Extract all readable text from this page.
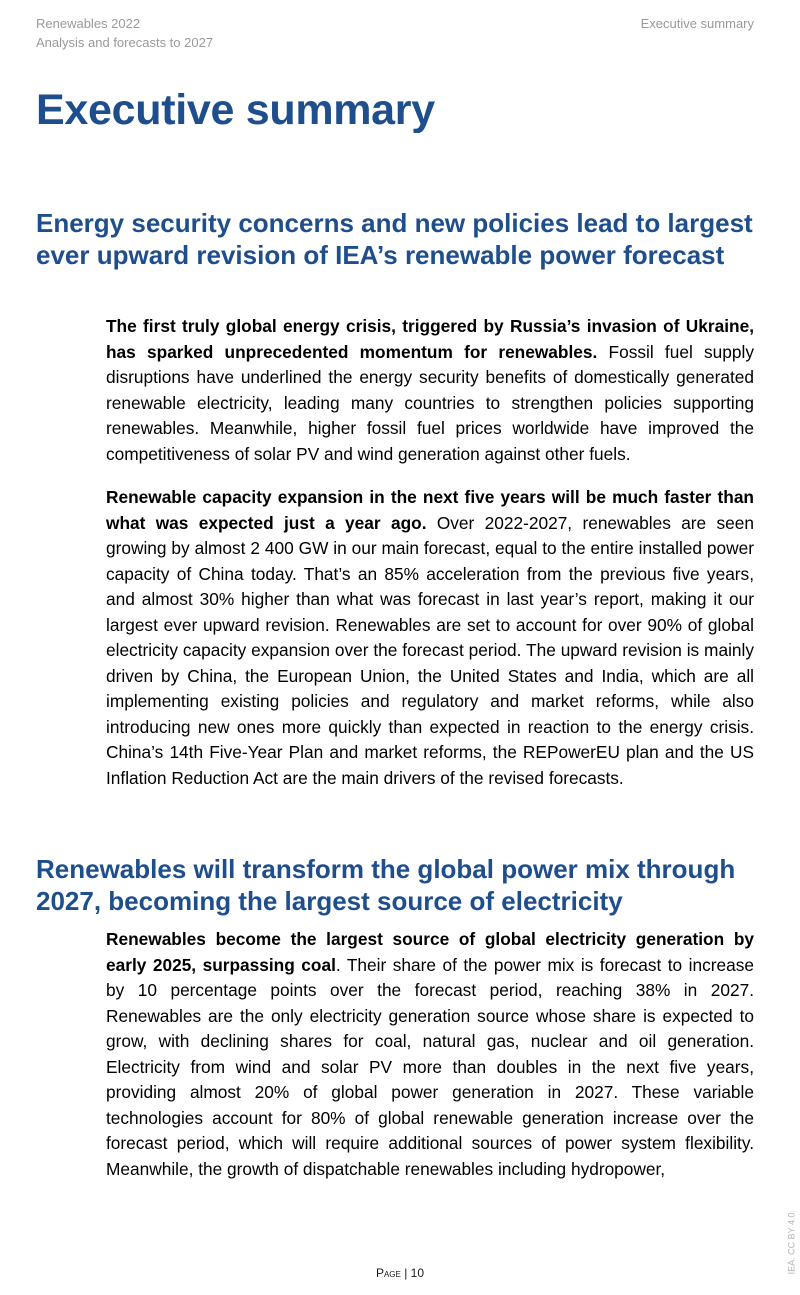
Renewables 2022
Analysis and forecasts to 2027
Executive summary
Executive summary
Energy security concerns and new policies lead to largest ever upward revision of IEA’s renewable power forecast

The first truly global energy crisis, triggered by Russia’s invasion of Ukraine, has sparked unprecedented momentum for renewables. Fossil fuel supply disruptions have underlined the energy security benefits of domestically generated renewable electricity, leading many countries to strengthen policies supporting renewables. Meanwhile, higher fossil fuel prices worldwide have improved the competitiveness of solar PV and wind generation against other fuels.

Renewable capacity expansion in the next five years will be much faster than what was expected just a year ago. Over 2022-2027, renewables are seen growing by almost 2 400 GW in our main forecast, equal to the entire installed power capacity of China today. That’s an 85% acceleration from the previous five years, and almost 30% higher than what was forecast in last year’s report, making it our largest ever upward revision. Renewables are set to account for over 90% of global electricity capacity expansion over the forecast period. The upward revision is mainly driven by China, the European Union, the United States and India, which are all implementing existing policies and regulatory and market reforms, while also introducing new ones more quickly than expected in reaction to the energy crisis. China’s 14th Five-Year Plan and market reforms, the REPowerEU plan and the US Inflation Reduction Act are the main drivers of the revised forecasts.

Renewables will transform the global power mix through 2027, becoming the largest source of electricity

Renewables become the largest source of global electricity generation by early 2025, surpassing coal. Their share of the power mix is forecast to increase by 10 percentage points over the forecast period, reaching 38% in 2027. Renewables are the only electricity generation source whose share is expected to grow, with declining shares for coal, natural gas, nuclear and oil generation. Electricity from wind and solar PV more than doubles in the next five years, providing almost 20% of global power generation in 2027. These variable technologies account for 80% of global renewable generation increase over the forecast period, which will require additional sources of power system flexibility. Meanwhile, the growth of dispatchable renewables including hydropower,

IEA. CC BY 4.0.
Page | 10
